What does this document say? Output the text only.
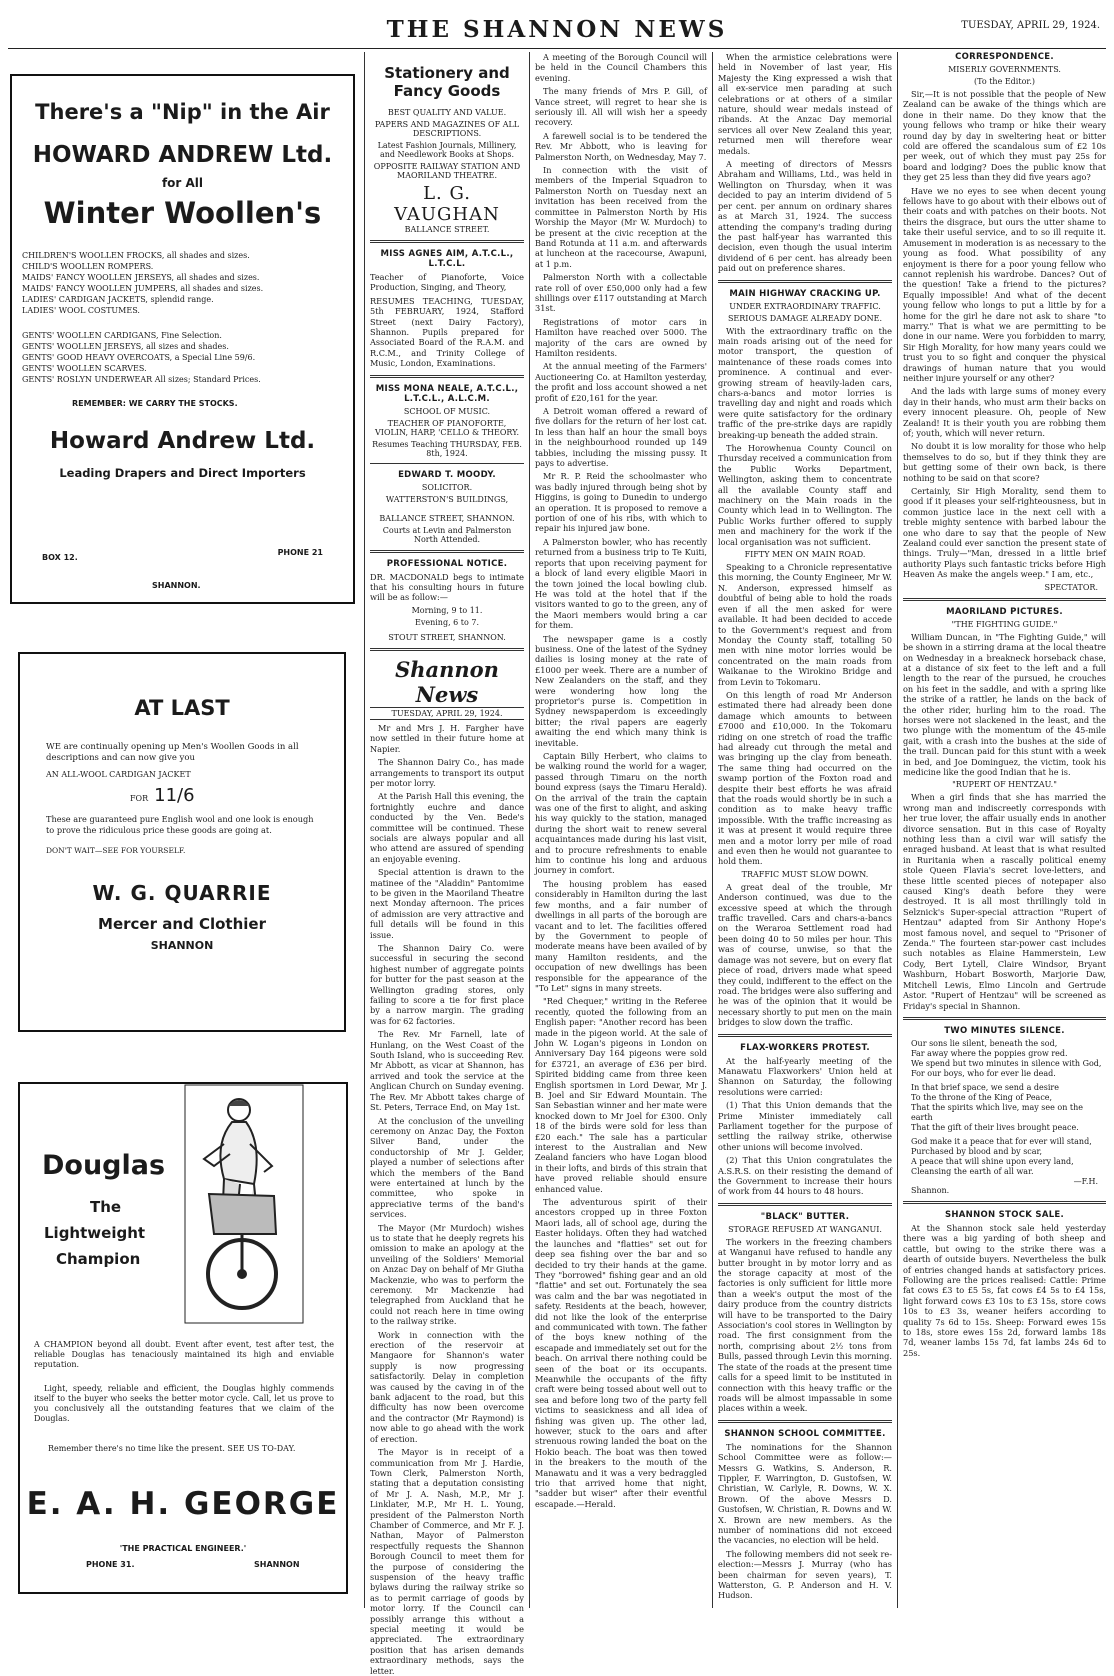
THE SHANNON NEWS	TUESDAY, APRIL 29, 1924.
There's a "Nip" in the Air
HOWARD ANDREW Ltd.
for All
Winter Woollen's

CHILDREN'S WOOLLEN FROCKS, all shades and sizes.

CHILD'S WOOLLEN ROMPERS.

MAIDS' FANCY WOOLLEN JERSEYS, all shades and sizes.

MAIDS' FANCY WOOLLEN JUMPERS, all shades and sizes.

LADIES' CARDIGAN JACKETS, splendid range.

LADIES' WOOL COSTUMES.

GENTS' WOOLLEN CARDIGANS, Fine Selection.

GENTS' WOOLLEN JERSEYS, all sizes and shades.

GENTS' GOOD HEAVY OVERCOATS, a Special Line 59/6.

GENTS' WOOLLEN SCARVES.

GENTS' ROSLYN UNDERWEAR All sizes; Standard Prices.

REMEMBER: WE CARRY THE STOCKS.
Howard Andrew Ltd.
Leading Drapers and Direct Importers
BOX 12.
PHONE 21
SHANNON.
AT LAST
WE are continually opening up Men's Woollen Goods in all descriptions and can now give you
AN ALL-WOOL CARDIGAN JACKET
FOR 11/6
These are guaranteed pure English wool and one look is enough to prove the ridiculous price these goods are going at.
DON'T WAIT—SEE FOR YOURSELF.
W. G. QUARRIE
Mercer and Clothier
SHANNON
Douglas
The
Lightweight
Champion
A CHAMPION beyond all doubt. Event after event, test after test, the reliable Douglas has tenaciously maintained its high and enviable reputation.
Light, speedy, reliable and efficient, the Douglas highly commends itself to the buyer who seeks the better motor cycle. Call, let us prove to you conclusively all the outstanding features that we claim of the Douglas.
Remember there's no time like the present. SEE US TO-DAY.
E. A. H. GEORGE
'THE PRACTICAL ENGINEER.'
PHONE 31.	SHANNON
Stationery and
Fancy Goods
BEST QUALITY AND VALUE.
PAPERS AND MAGAZINES OF ALL DESCRIPTIONS.
Latest Fashion Journals, Millinery, and Needlework Books at Shops.
OPPOSITE RAILWAY STATION AND MAORILAND THEATRE.
L. G. VAUGHAN
BALLANCE STREET.
MISS AGNES AIM, A.T.C.L., L.T.C.L.

Teacher of Pianoforte, Voice Production, Singing, and Theory,

RESUMES TEACHING, TUESDAY, 5th FEBRUARY, 1924, Stafford Street (next Dairy Factory), Shannon. Pupils prepared for Associated Board of the R.A.M. and R.C.M., and Trinity College of Music, London, Examinations.

MISS MONA NEALE, A.T.C.L., L.T.C.L., A.L.C.M.
SCHOOL OF MUSIC.
TEACHER OF PIANOFORTE, VIOLIN, HARP, 'CELLO & THEORY.
Resumes Teaching THURSDAY, FEB. 8th, 1924.
EDWARD T. MOODY.
SOLICITOR.
WATTERSTON'S BUILDINGS,
BALLANCE STREET, SHANNON.
Courts at Levin and Palmerston North Attended.
PROFESSIONAL NOTICE.

DR. MACDONALD begs to intimate that his consulting hours in future will be as follow:—

Morning, 9 to 11.
Evening, 6 to 7.
STOUT STREET, SHANNON.
Shannon News
TUESDAY, APRIL 29, 1924.

Mr and Mrs J. H. Fargher have now settled in their future home at Napier.

The Shannon Dairy Co., has made arrangements to transport its output per motor lorry.

At the Parish Hall this evening, the fortnightly euchre and dance conducted by the Ven. Bede's committee will be continued. These socials are always popular and all who attend are assured of spending an enjoyable evening.

Special attention is drawn to the matinee of the "Aladdin" Pantomime to be given in the Maoriland Theatre next Monday afternoon. The prices of admission are very attractive and full details will be found in this issue.

The Shannon Dairy Co. were successful in securing the second highest number of aggregate points for butter for the past season at the Wellington grading stores, only failing to score a tie for first place by a narrow margin. The grading was for 62 factories.

The Rev. Mr Farnell, late of Hunlang, on the West Coast of the South Island, who is succeeding Rev. Mr Abbott, as vicar at Shannon, has arrived and took the service at the Anglican Church on Sunday evening. The Rev. Mr Abbott takes charge of St. Peters, Terrace End, on May 1st.

At the conclusion of the unveiling ceremony on Anzac Day, the Foxton Silver Band, under the conductorship of Mr J. Gelder, played a number of selections after which the members of the Band were entertained at lunch by the committee, who spoke in appreciative terms of the band's services.

The Mayor (Mr Murdoch) wishes us to state that he deeply regrets his omission to make an apology at the unveiling of the Soldiers' Memorial on Anzac Day on behalf of Mr Giutha Mackenzie, who was to perform the ceremony. Mr Mackenzie had telegraphed from Auckland that he could not reach here in time owing to the railway strike.

Work in connection with the erection of the reservoir at Mangaore for Shannon's water supply is now progressing satisfactorily. Delay in completion was caused by the caving in of the bank adjacent to the road, but this difficulty has now been overcome and the contractor (Mr Raymond) is now able to go ahead with the work of erection.

The Mayor is in receipt of a communication from Mr J. Hardie, Town Clerk, Palmerston North, stating that a deputation consisting of Mr J. A. Nash, M.P., Mr J. Linklater, M.P., Mr H. L. Young, president of the Palmerston North Chamber of Commerce, and Mr F. J. Nathan, Mayor of Palmerston respectfully requests the Shannon Borough Council to meet them for the purpose of considering the suspension of the heavy traffic bylaws during the railway strike so as to permit carriage of goods by motor lorry. If the Council can possibly arrange this without a special meeting it would be appreciated. The extraordinary position that has arisen demands extraordinary methods, says the letter.

A meeting of the Borough Council will be held in the Council Chambers this evening.

The many friends of Mrs P. Gill, of Vance street, will regret to hear she is seriously ill. All will wish her a speedy recovery.

A farewell social is to be tendered the Rev. Mr Abbott, who is leaving for Palmerston North, on Wednesday, May 7.

In connection with the visit of members of the Imperial Squadron to Palmerston North on Tuesday next an invitation has been received from the committee in Palmerston North by His Worship the Mayor (Mr W. Murdoch) to be present at the civic reception at the Band Rotunda at 11 a.m. and afterwards at luncheon at the racecourse, Awapuni, at 1 p.m.

Palmerston North with a collectable rate roll of over £50,000 only had a few shillings over £117 outstanding at March 31st.

Registrations of motor cars in Hamilton have reached over 5000. The majority of the cars are owned by Hamilton residents.

At the annual meeting of the Farmers' Auctioneering Co. at Hamilton yesterday, the profit and loss account showed a net profit of £20,161 for the year.

A Detroit woman offered a reward of five dollars for the return of her lost cat. In less than half an hour the small boys in the neighbourhood rounded up 149 tabbies, including the missing pussy. It pays to advertise.

Mr R. P. Reid the schoolmaster who was badly injured through being shot by Higgins, is going to Dunedin to undergo an operation. It is proposed to remove a portion of one of his ribs, with which to repair his injured jaw bone.

A Palmerston bowler, who has recently returned from a business trip to Te Kuiti, reports that upon receiving payment for a block of land every eligible Maori in the town joined the local bowling club. He was told at the hotel that if the visitors wanted to go to the green, any of the Maori members would bring a car for them.

The newspaper game is a costly business. One of the latest of the Sydney dailies is losing money at the rate of £1000 per week. There are a number of New Zealanders on the staff, and they were wondering how long the proprietor's purse is. Competition in Sydney newspaperdom is exceedingly bitter; the rival papers are eagerly awaiting the end which many think is inevitable.

Captain Billy Herbert, who claims to be walking round the world for a wager, passed through Timaru on the north bound express (says the Timaru Herald). On the arrival of the train the captain was one of the first to alight, and asking his way quickly to the station, managed during the short wait to renew several acquaintances made during his last visit, and to procure refreshments to enable him to continue his long and arduous journey in comfort.

The housing problem has eased considerably in Hamilton during the last few months, and a fair number of dwellings in all parts of the borough are vacant and to let. The facilities offered by the Government to people of moderate means have been availed of by many Hamilton residents, and the occupation of new dwellings has been responsible for the appearance of the "To Let" signs in many streets.

"Red Chequer," writing in the Referee recently, quoted the following from an English paper: "Another record has been made in the pigeon world. At the sale of John W. Logan's pigeons in London on Anniversary Day 164 pigeons were sold for £3721, an average of £36 per bird. Spirited bidding came from three keen English sportsmen in Lord Dewar, Mr J. B. Joel and Sir Edward Mountain. The San Sebastian winner and her mate were knocked down to Mr Joel for £300. Only 18 of the birds were sold for less than £20 each." The sale has a particular interest to the Australian and New Zealand fanciers who have Logan blood in their lofts, and birds of this strain that have proved reliable should ensure enhanced value.

The adventurous spirit of their ancestors cropped up in three Foxton Maori lads, all of school age, during the Easter holidays. Often they had watched the launches and "flatties" set out for deep sea fishing over the bar and so decided to try their hands at the game. They "borrowed" fishing gear and an old "flattie" and set out. Fortunately the sea was calm and the bar was negotiated in safety. Residents at the beach, however, did not like the look of the enterprise and communicated with town. The father of the boys knew nothing of the escapade and immediately set out for the beach. On arrival there nothing could be seen of the boat or its occupants. Meanwhile the occupants of the fifty craft were being tossed about well out to sea and before long two of the party fell victims to seasickness and all idea of fishing was given up. The other lad, however, stuck to the oars and after strenuous rowing landed the boat on the Hokio beach. The boat was then towed in the breakers to the mouth of the Manawatu and it was a very bedraggled trio that arrived home that night, "sadder but wiser" after their eventful escapade.—Herald.

When the armistice celebrations were held in November of last year, His Majesty the King expressed a wish that all ex-service men parading at such celebrations or at others of a similar nature, should wear medals instead of ribands. At the Anzac Day memorial services all over New Zealand this year, returned men will therefore wear medals.

A meeting of directors of Messrs Abraham and Williams, Ltd., was held in Wellington on Thursday, when it was decided to pay an interim dividend of 5 per cent. per annum on ordinary shares as at March 31, 1924. The success attending the company's trading during the past half-year has warranted this decision, even though the usual interim dividend of 6 per cent. has already been paid out on preference shares.

MAIN HIGHWAY CRACKING UP.
UNDER EXTRAORDINARY TRAFFIC.
SERIOUS DAMAGE ALREADY DONE.

With the extraordinary traffic on the main roads arising out of the need for motor transport, the question of maintenance of these roads comes into prominence. A continual and ever-growing stream of heavily-laden cars, chars-a-bancs and motor lorries is travelling day and night and roads which were quite satisfactory for the ordinary traffic of the pre-strike days are rapidly breaking-up beneath the added strain.

The Horowhenua County Council on Thursday received a communication from the Public Works Department, Wellington, asking them to concentrate all the available County staff and machinery on the Main roads in the County which lead in to Wellington. The Public Works further offered to supply men and machinery for the work if the local organisation was not sufficient.

FIFTY MEN ON MAIN ROAD.

Speaking to a Chronicle representative this morning, the County Engineer, Mr W. N. Anderson, expressed himself as doubtful of being able to hold the roads even if all the men asked for were available. It had been decided to accede to the Government's request and from Monday the County staff, totalling 50 men with nine motor lorries would be concentrated on the main roads from Waikanae to the Wirokino Bridge and from Levin to Tokomaru.

On this length of road Mr Anderson estimated there had already been done damage which amounts to between £7000 and £10,000. In the Tokomaru riding on one stretch of road the traffic had already cut through the metal and was bringing up the clay from beneath. The same thing had occurred on the swamp portion of the Foxton road and despite their best efforts he was afraid that the roads would shortly be in such a condition as to make heavy traffic impossible. With the traffic increasing as it was at present it would require three men and a motor lorry per mile of road and even then he would not guarantee to hold them.

TRAFFIC MUST SLOW DOWN.

A great deal of the trouble, Mr Anderson continued, was due to the excessive speed at which the through traffic travelled. Cars and chars-a-bancs on the Weraroa Settlement road had been doing 40 to 50 miles per hour. This was of course, unwise, so that the damage was not severe, but on every flat piece of road, drivers made what speed they could, indifferent to the effect on the road. The bridges were also suffering and he was of the opinion that it would be necessary shortly to put men on the main bridges to slow down the traffic.

FLAX-WORKERS PROTEST.

At the half-yearly meeting of the Manawatu Flaxworkers' Union held at Shannon on Saturday, the following resolutions were carried:

(1) That this Union demands that the Prime Minister immediately call Parliament together for the purpose of settling the railway strike, otherwise other unions will become involved.

(2) That this Union congratulates the A.S.R.S. on their resisting the demand of the Government to increase their hours of work from 44 hours to 48 hours.

"BLACK" BUTTER.
STORAGE REFUSED AT WANGANUI.

The workers in the freezing chambers at Wanganui have refused to handle any butter brought in by motor lorry and as the storage capacity at most of the factories is only sufficient for little more than a week's output the most of the dairy produce from the country districts will have to be transported to the Dairy Association's cool stores in Wellington by road. The first consignment from the north, comprising about 2½ tons from Bulls, passed through Levin this morning. The state of the roads at the present time calls for a speed limit to be instituted in connection with this heavy traffic or the roads will be almost impassable in some places within a week.

SHANNON SCHOOL COMMITTEE.

The nominations for the Shannon School Committee were as follow:— Messrs G. Watkins, S. Anderson, R. Tippler, F. Warrington, D. Gustofsen, W. Christian, W. Carlyle, R. Downs, W. X. Brown. Of the above Messrs D. Gustofsen, W. Christian, R. Downs and W. X. Brown are new members. As the number of nominations did not exceed the vacancies, no election will be held.

The following members did not seek re-election:—Messrs J. Murray (who has been chairman for seven years), T. Watterston, G. P. Anderson and H. V. Hudson.

CORRESPONDENCE.
MISERLY GOVERNMENTS.
(To the Editor.)

Sir,—It is not possible that the people of New Zealand can be awake of the things which are done in their name. Do they know that the young fellows who tramp or hike their weary round day by day in sweltering heat or bitter cold are offered the scandalous sum of £2 10s per week, out of which they must pay 25s for board and lodging? Does the public know that they get 25 less than they did five years ago?

Have we no eyes to see when decent young fellows have to go about with their elbows out of their coats and with patches on their boots. Not theirs the disgrace, but ours the utter shame to take their useful service, and to so ill requite it. Amusement in moderation is as necessary to the young as food. What possibility of any enjoyment is there for a poor young fellow who cannot replenish his wardrobe. Dances? Out of the question! Take a friend to the pictures? Equally impossible! And what of the decent young fellow who longs to put a little by for a home for the girl he dare not ask to share "to marry." That is what we are permitting to be done in our name. Were you forbidden to marry, Sir High Morality, for how many years could we trust you to so fight and conquer the physical drawings of human nature that you would neither injure yourself or any other?

And the lads with large sums of money every day in their hands, who must arm their backs on every innocent pleasure. Oh, people of New Zealand! It is their youth you are robbing them of; youth, which will never return.

No doubt it is low morality for those who help themselves to do so, but if they think they are but getting some of their own back, is there nothing to be said on that score?

Certainly, Sir High Morality, send them to good if it pleases your self-righteousness, but in common justice lace in the next cell with a treble mighty sentence with barbed labour the one who dare to say that the people of New Zealand could ever sanction the present state of things. Truly—"Man, dressed in a little brief authority Plays such fantastic tricks before High Heaven As make the angels weep." I am, etc.,

SPECTATOR.
MAORILAND PICTURES.
"THE FIGHTING GUIDE."

William Duncan, in "The Fighting Guide," will be shown in a stirring drama at the local theatre on Wednesday in a breakneck horseback chase, at a distance of six feet to the left and a full length to the rear of the pursued, he crouches on his feet in the saddle, and with a spring like the strike of a rattler, he lands on the back of the other rider, hurling him to the road. The horses were not slackened in the least, and the two plunge with the momentum of the 45-mile gait, with a crash into the bushes at the side of the trail. Duncan paid for this stunt with a week in bed, and Joe Dominguez, the victim, took his medicine like the good Indian that he is.

"RUPERT OF HENTZAU."

When a girl finds that she has married the wrong man and indiscreetly corresponds with her true lover, the affair usually ends in another divorce sensation. But in this case of Royalty nothing less than a civil war will satisfy the enraged husband. At least that is what resulted in Ruritania when a rascally political enemy stole Queen Flavia's secret love-letters, and these little scented pieces of notepaper also caused King's death before they were destroyed. It is all most thrillingly told in Selznick's Super-special attraction "Rupert of Hentzau" adapted from Sir Anthony Hope's most famous novel, and sequel to "Prisoner of Zenda." The fourteen star-power cast includes such notables as Elaine Hammerstein, Lew Cody, Bert Lytell, Claire Windsor, Bryant Washburn, Hobart Bosworth, Marjorie Daw, Mitchell Lewis, Elmo Lincoln and Gertrude Astor. "Rupert of Hentzau" will be screened as Friday's special in Shannon.

TWO MINUTES SILENCE.
Our sons lie silent, beneath the sod,
Far away where the poppies grow red.
We spend but two minutes in silence with God,
For our boys, who for ever lie dead.
In that brief space, we send a desire
To the throne of the King of Peace,
That the spirits which live, may see on the earth
That the gift of their lives brought peace.
God make it a peace that for ever will stand,
Purchased by blood and by scar,
A peace that will shine upon every land,
Cleansing the earth of all war.
—F.H.
Shannon.
SHANNON STOCK SALE.

At the Shannon stock sale held yesterday there was a big yarding of both sheep and cattle, but owing to the strike there was a dearth of outside buyers. Nevertheless the bulk of entries changed hands at satisfactory prices. Following are the prices realised: Cattle: Prime fat cows £3 to £5 5s, fat cows £4 5s to £4 15s, light forward cows £3 10s to £3 15s, store cows 10s to £3 3s, weaner heifers according to quality 7s 6d to 15s. Sheep: Forward ewes 15s to 18s, store ewes 15s 2d, forward lambs 18s 7d, weaner lambs 15s 7d, fat lambs 24s 6d to 25s.
